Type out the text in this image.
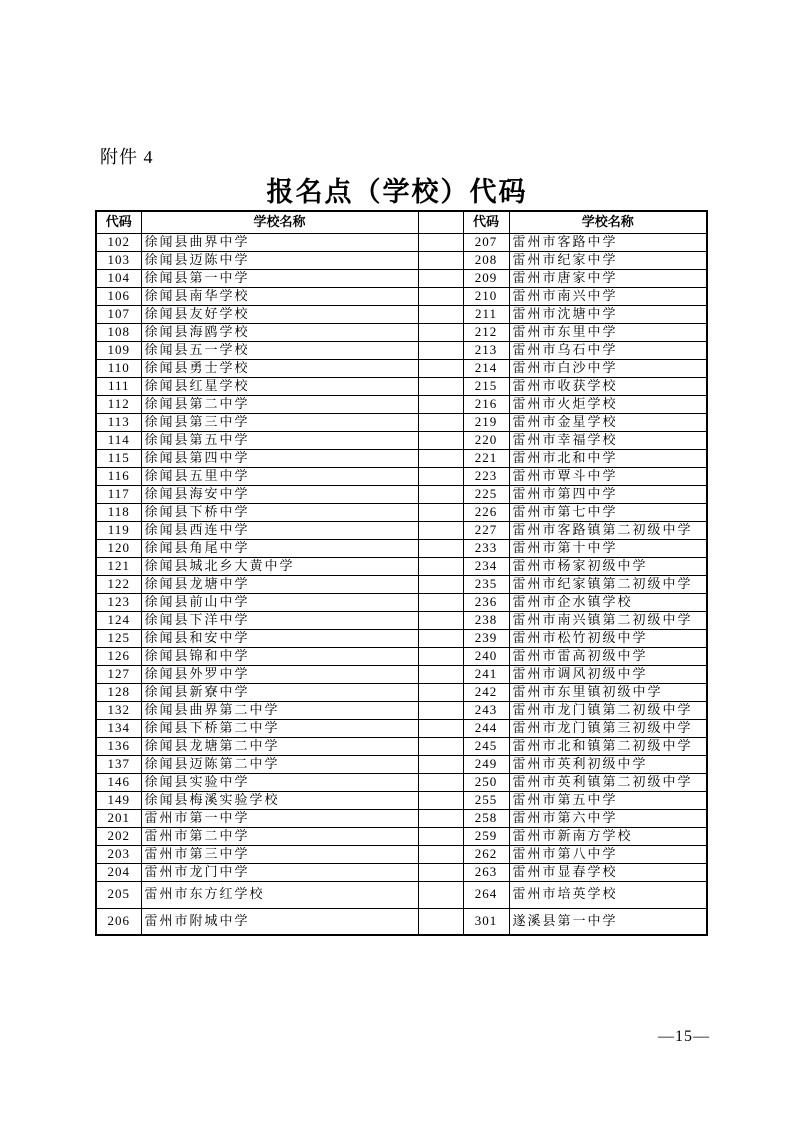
附件 4
报名点（学校）代码
代码	学校名称		代码	学校名称
102	徐闻县曲界中学		207	雷州市客路中学
103	徐闻县迈陈中学		208	雷州市纪家中学
104	徐闻县第一中学		209	雷州市唐家中学
106	徐闻县南华学校		210	雷州市南兴中学
107	徐闻县友好学校		211	雷州市沈塘中学
108	徐闻县海鸥学校		212	雷州市东里中学
109	徐闻县五一学校		213	雷州市乌石中学
110	徐闻县勇士学校		214	雷州市白沙中学
111	徐闻县红星学校		215	雷州市收获学校
112	徐闻县第二中学		216	雷州市火炬学校
113	徐闻县第三中学		219	雷州市金星学校
114	徐闻县第五中学		220	雷州市幸福学校
115	徐闻县第四中学		221	雷州市北和中学
116	徐闻县五里中学		223	雷州市覃斗中学
117	徐闻县海安中学		225	雷州市第四中学
118	徐闻县下桥中学		226	雷州市第七中学
119	徐闻县西连中学		227	雷州市客路镇第二初级中学
120	徐闻县角尾中学		233	雷州市第十中学
121	徐闻县城北乡大黄中学		234	雷州市杨家初级中学
122	徐闻县龙塘中学		235	雷州市纪家镇第二初级中学
123	徐闻县前山中学		236	雷州市企水镇学校
124	徐闻县下洋中学		238	雷州市南兴镇第二初级中学
125	徐闻县和安中学		239	雷州市松竹初级中学
126	徐闻县锦和中学		240	雷州市雷高初级中学
127	徐闻县外罗中学		241	雷州市调风初级中学
128	徐闻县新寮中学		242	雷州市东里镇初级中学
132	徐闻县曲界第二中学		243	雷州市龙门镇第二初级中学
134	徐闻县下桥第二中学		244	雷州市龙门镇第三初级中学
136	徐闻县龙塘第二中学		245	雷州市北和镇第二初级中学
137	徐闻县迈陈第二中学		249	雷州市英利初级中学
146	徐闻县实验中学		250	雷州市英利镇第二初级中学
149	徐闻县梅溪实验学校		255	雷州市第五中学
201	雷州市第一中学		258	雷州市第六中学
202	雷州市第二中学		259	雷州市新南方学校
203	雷州市第三中学		262	雷州市第八中学
204	雷州市龙门中学		263	雷州市显春学校
205	雷州市东方红学校		264	雷州市培英学校
206	雷州市附城中学		301	遂溪县第一中学
—15—
